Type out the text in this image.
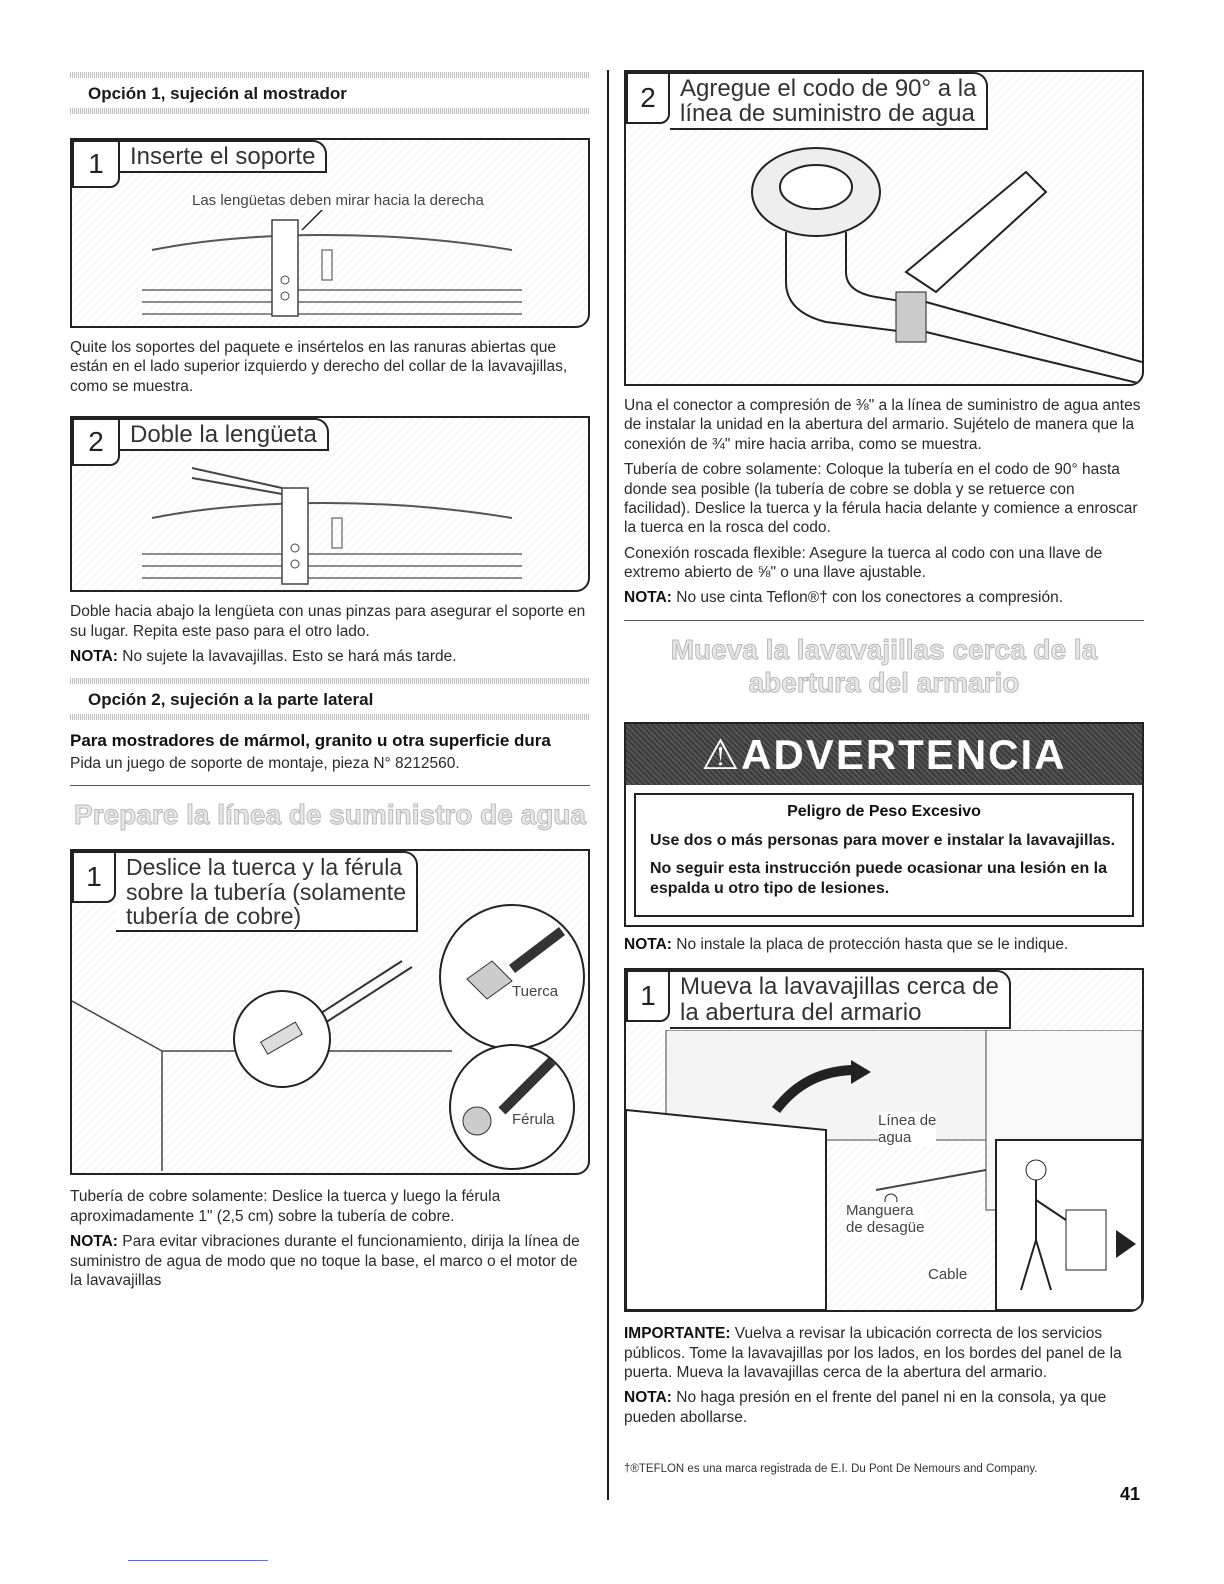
Opción 1, sujeción al mostrador
1	Inserte el soporte
Las lengüetas deben mirar hacia la derecha

Quite los soportes del paquete e insértelos en las ranuras abiertas que están en el lado superior izquierdo y derecho del collar de la lavavajillas, como se muestra.

2	Doble la lengüeta

Doble hacia abajo la lengüeta con unas pinzas para asegurar el soporte en su lugar. Repita este paso para el otro lado.

NOTA: No sujete la lavavajillas. Esto se hará más tarde.

Opción 2, sujeción a la parte lateral

Para mostradores de mármol, granito u otra superficie dura

Pida un juego de soporte de montaje, pieza N° 8212560.

Prepare la línea de suministro de agua
1	Deslice la tuerca y la férula
sobre la tubería (solamente
tubería de cobre)
Tuerca
Férula

Tubería de cobre solamente: Deslice la tuerca y luego la férula aproximadamente 1" (2,5 cm) sobre la tubería de cobre.

NOTA: Para evitar vibraciones durante el funcionamiento, dirija la línea de suministro de agua de modo que no toque la base, el marco o el motor de la lavavajillas

2	Agregue el codo de 90° a la
línea de suministro de agua

Una el conector a compresión de ⅜" a la línea de suministro de agua antes de instalar la unidad en la abertura del armario. Sujételo de manera que la conexión de ¾" mire hacia arriba, como se muestra.

Tubería de cobre solamente: Coloque la tubería en el codo de 90° hasta donde sea posible (la tubería de cobre se dobla y se retuerce con facilidad). Deslice la tuerca y la férula hacia delante y comience a enroscar la tuerca en la rosca del codo.

Conexión roscada flexible: Asegure la tuerca al codo con una llave de extremo abierto de ⅝" o una llave ajustable.

NOTA: No use cinta Teflon®† con los conectores a compresión.

Mueva la lavavajillas cerca de la
abertura del armario
⚠ADVERTENCIA
Peligro de Peso Excesivo

Use dos o más personas para mover e instalar la lavavajillas.

No seguir esta instrucción puede ocasionar una lesión en la espalda u otro tipo de lesiones.

NOTA: No instale la placa de protección hasta que se le indique.

1	Mueva la lavavajillas cerca de
la abertura del armario
Línea de
agua
Manguera
de desagüe
Cable

IMPORTANTE: Vuelva a revisar la ubicación correcta de los servicios públicos. Tome la lavavajillas por los lados, en los bordes del panel de la puerta. Mueva la lavavajillas cerca de la abertura del armario.

NOTA: No haga presión en el frente del panel ni en la consola, ya que pueden abollarse.

†®TEFLON es una marca registrada de E.I. Du Pont De Nemours and Company.

41
